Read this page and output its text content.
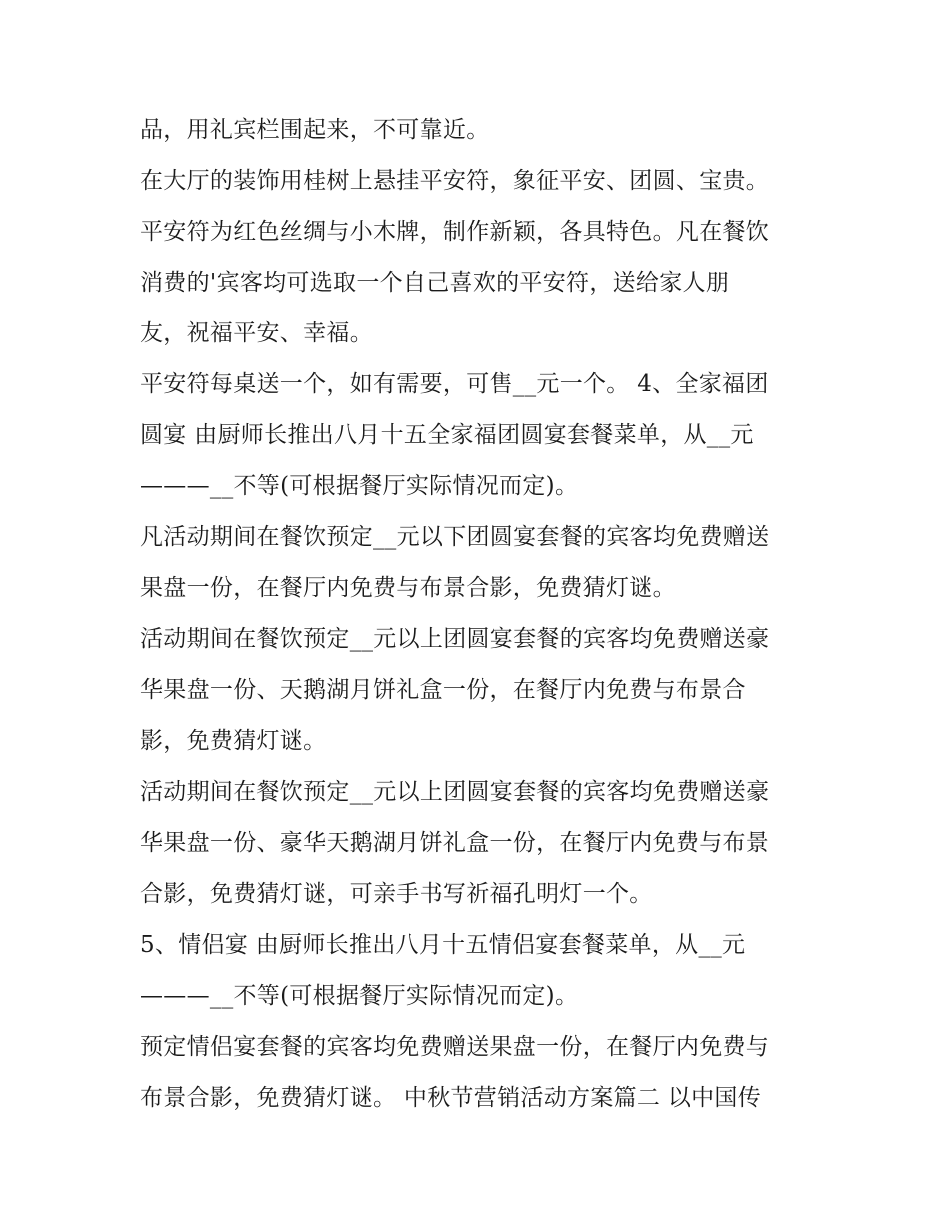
品，用礼宾栏围起来，不可靠近。
在大厅的装饰用桂树上悬挂平安符，象征平安、团圆、宝贵。
平安符为红色丝绸与小木牌，制作新颖，各具特色。凡在餐饮
消费的'宾客均可选取一个自己喜欢的平安符，送给家人朋
友，祝福平安、幸福。
平安符每桌送一个，如有需要，可售__元一个。 4、全家福团
圆宴 由厨师长推出八月十五全家福团圆宴套餐菜单，从__元
———__不等(可根据餐厅实际情况而定)。
凡活动期间在餐饮预定__元以下团圆宴套餐的宾客均免费赠送
果盘一份，在餐厅内免费与布景合影，免费猜灯谜。
活动期间在餐饮预定__元以上团圆宴套餐的宾客均免费赠送豪
华果盘一份、天鹅湖月饼礼盒一份，在餐厅内免费与布景合
影，免费猜灯谜。
活动期间在餐饮预定__元以上团圆宴套餐的宾客均免费赠送豪
华果盘一份、豪华天鹅湖月饼礼盒一份，在餐厅内免费与布景
合影，免费猜灯谜，可亲手书写祈福孔明灯一个。
5、情侣宴 由厨师长推出八月十五情侣宴套餐菜单，从__元
———__不等(可根据餐厅实际情况而定)。
预定情侣宴套餐的宾客均免费赠送果盘一份，在餐厅内免费与
布景合影，免费猜灯谜。 中秋节营销活动方案篇二 以中国传
